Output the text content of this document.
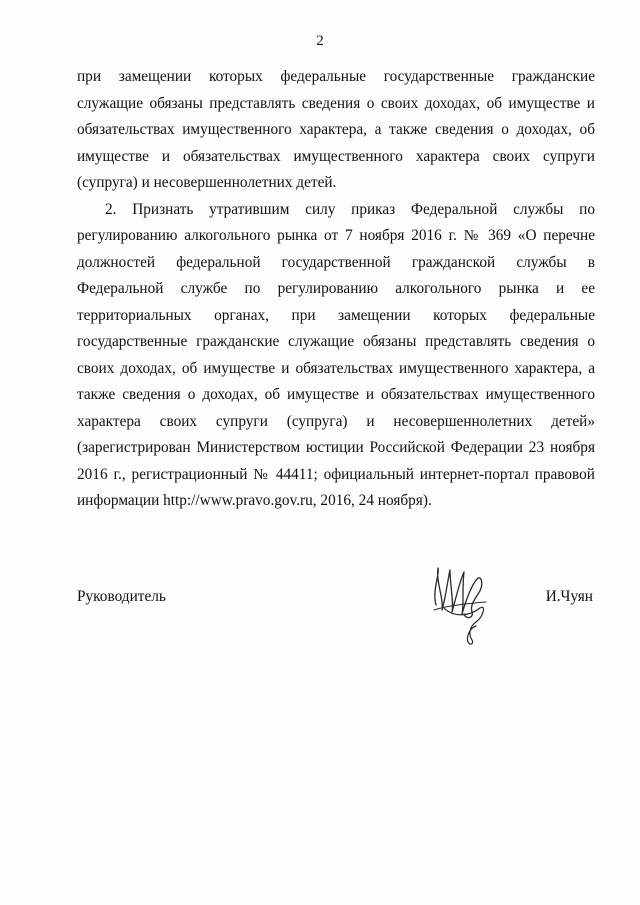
2

при замещении которых федеральные государственные гражданские служащие обязаны представлять сведения о своих доходах, об имуществе и обязательствах имущественного характера, а также сведения о доходах, об имуществе и обязательствах имущественного характера своих супруги (супруга) и несовершеннолетних детей.

2. Признать утратившим силу приказ Федеральной службы по регулированию алкогольного рынка от 7 ноября 2016 г. № 369 «О перечне должностей федеральной государственной гражданской службы в Федеральной службе по регулированию алкогольного рынка и ее территориальных органах, при замещении которых федеральные государственные гражданские служащие обязаны представлять сведения о своих доходах, об имуществе и обязательствах имущественного характера, а также сведения о доходах, об имуществе и обязательствах имущественного характера своих супруги (супруга) и несовершеннолетних детей» (зарегистрирован Министерством юстиции Российской Федерации 23 ноября 2016 г., регистрационный № 44411; официальный интернет-портал правовой информации http://www.pravo.gov.ru, 2016, 24 ноября).

Руководитель	И.Чуян
